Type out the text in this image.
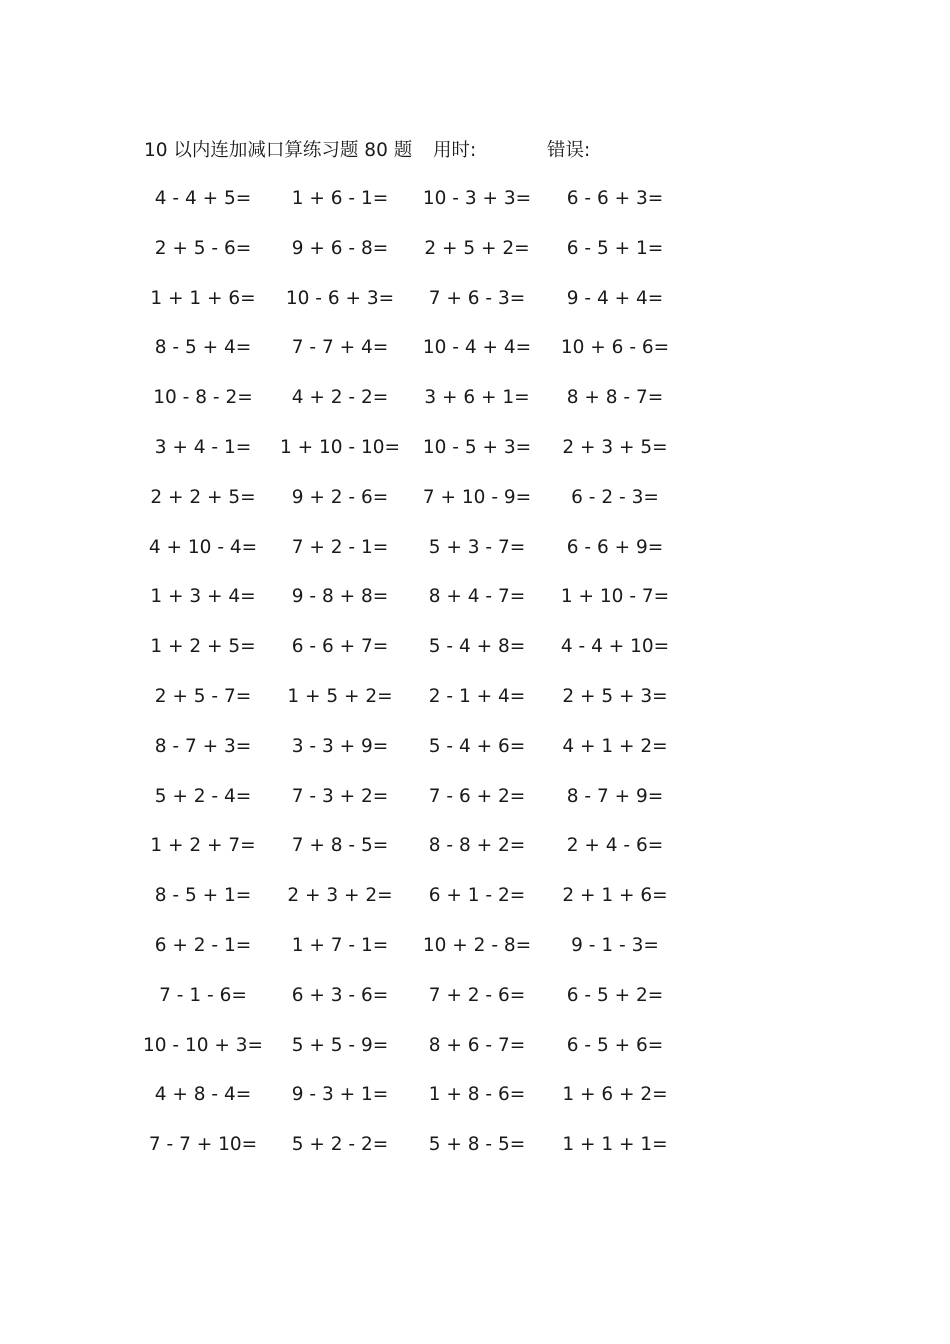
10 以内连加减口算练习题 80 题 用时:	错误:
4 - 4 + 5=	1 + 6 - 1=	10 - 3 + 3=	6 - 6 + 3=
2 + 5 - 6=	9 + 6 - 8=	2 + 5 + 2=	6 - 5 + 1=
1 + 1 + 6=	10 - 6 + 3=	7 + 6 - 3=	9 - 4 + 4=
8 - 5 + 4=	7 - 7 + 4=	10 - 4 + 4=	10 + 6 - 6=
10 - 8 - 2=	4 + 2 - 2=	3 + 6 + 1=	8 + 8 - 7=
3 + 4 - 1=	1 + 10 - 10=	10 - 5 + 3=	2 + 3 + 5=
2 + 2 + 5=	9 + 2 - 6=	7 + 10 - 9=	6 - 2 - 3=
4 + 10 - 4=	7 + 2 - 1=	5 + 3 - 7=	6 - 6 + 9=
1 + 3 + 4=	9 - 8 + 8=	8 + 4 - 7=	1 + 10 - 7=
1 + 2 + 5=	6 - 6 + 7=	5 - 4 + 8=	4 - 4 + 10=
2 + 5 - 7=	1 + 5 + 2=	2 - 1 + 4=	2 + 5 + 3=
8 - 7 + 3=	3 - 3 + 9=	5 - 4 + 6=	4 + 1 + 2=
5 + 2 - 4=	7 - 3 + 2=	7 - 6 + 2=	8 - 7 + 9=
1 + 2 + 7=	7 + 8 - 5=	8 - 8 + 2=	2 + 4 - 6=
8 - 5 + 1=	2 + 3 + 2=	6 + 1 - 2=	2 + 1 + 6=
6 + 2 - 1=	1 + 7 - 1=	10 + 2 - 8=	9 - 1 - 3=
7 - 1 - 6=	6 + 3 - 6=	7 + 2 - 6=	6 - 5 + 2=
10 - 10 + 3=	5 + 5 - 9=	8 + 6 - 7=	6 - 5 + 6=
4 + 8 - 4=	9 - 3 + 1=	1 + 8 - 6=	1 + 6 + 2=
7 - 7 + 10=	5 + 2 - 2=	5 + 8 - 5=	1 + 1 + 1=
